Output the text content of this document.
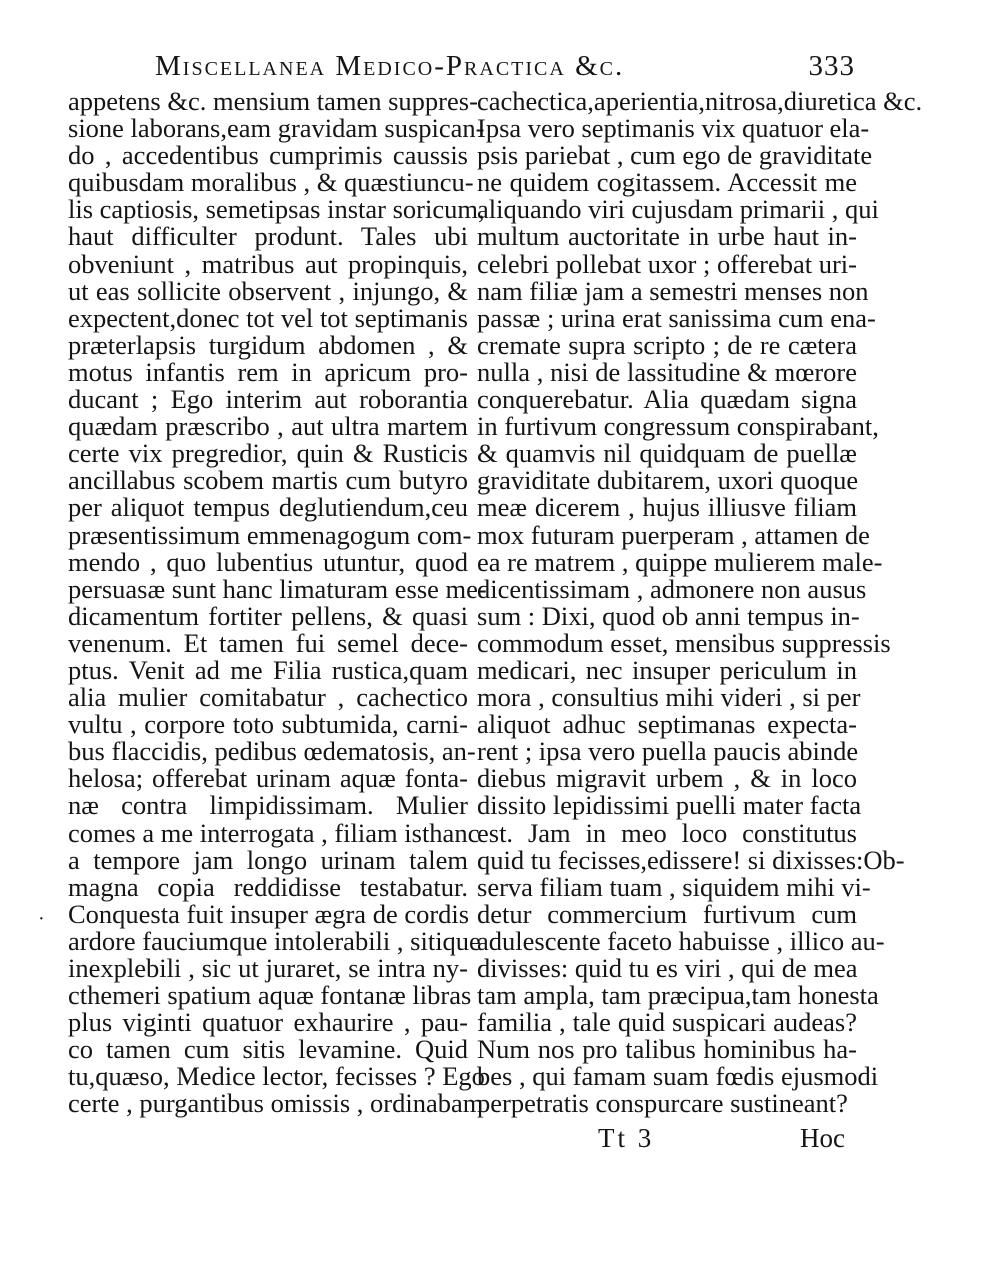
Miscellanea Medico-Practica &c.	333
appetens &c. mensium tamen suppres-
sione laborans,eam gravidam suspican-
do , accedentibus cumprimis caussis
quibusdam moralibus , & quæstiuncu-
lis captiosis, semetipsas instar soricum,
haut difficulter produnt. Tales ubi
obveniunt , matribus aut propinquis,
ut eas sollicite observent , injungo, &
expectent,donec tot vel tot septimanis
præterlapsis turgidum abdomen , &
motus infantis rem in apricum pro-
ducant ; Ego interim aut roborantia
quædam præscribo , aut ultra martem
certe vix pregredior, quin & Rusticis
ancillabus scobem martis cum butyro
per aliquot tempus deglutiendum,ceu
præsentissimum emmenagogum com-
mendo , quo lubentius utuntur, quod
persuasæ sunt hanc limaturam esse me-
dicamentum fortiter pellens, & quasi
venenum. Et tamen fui semel dece-
ptus. Venit ad me Filia rustica,quam
alia mulier comitabatur , cachectico
vultu , corpore toto subtumida, carni-
bus flaccidis, pedibus œdematosis, an-
helosa; offerebat urinam aquæ fonta-
næ contra limpidissimam. Mulier
comes a me interrogata , filiam isthanc
a tempore jam longo urinam talem
magna copia reddidisse testabatur.
Conquesta fuit insuper ægra de cordis
ardore fauciumque intolerabili , sitique
inexplebili , sic ut juraret, se intra ny-
cthemeri spatium aquæ fontanæ libras
plus viginti quatuor exhaurire , pau-
co tamen cum sitis levamine. Quid
tu,quæso, Medice lector, fecisses ? Ego
certe , purgantibus omissis , ordinabam
cachectica,aperientia,nitrosa,diuretica &c.
Ipsa vero septimanis vix quatuor ela-
psis pariebat , cum ego de graviditate
ne quidem cogitassem. Accessit me
aliquando viri cujusdam primarii , qui
multum auctoritate in urbe haut in-
celebri pollebat uxor ; offerebat uri-
nam filiæ jam a semestri menses non
passæ ; urina erat sanissima cum ena-
cremate supra scripto ; de re cætera
nulla , nisi de lassitudine & mœrore
conquerebatur. Alia quædam signa
in furtivum congressum conspirabant,
& quamvis nil quidquam de puellæ
graviditate dubitarem, uxori quoque
meæ dicerem , hujus illiusve filiam
mox futuram puerperam , attamen de
ea re matrem , quippe mulierem male-
dicentissimam , admonere non ausus
sum : Dixi, quod ob anni tempus in-
commodum esset, mensibus suppressis
medicari, nec insuper periculum in
mora , consultius mihi videri , si per
aliquot adhuc septimanas expecta-
rent ; ipsa vero puella paucis abinde
diebus migravit urbem , & in loco
dissito lepidissimi puelli mater facta
est. Jam in meo loco constitutus
quid tu fecisses,edissere! si dixisses:Ob-
serva filiam tuam , siquidem mihi vi-
detur commercium furtivum cum
adulescente faceto habuisse , illico au-
divisses: quid tu es viri , qui de mea
tam ampla, tam præcipua,tam honesta
familia , tale quid suspicari audeas?
Num nos pro talibus hominibus ha-
bes , qui famam suam fœdis ejusmodi
perpetratis conspurcare sustineant?
·
Tt 3	Hoc
